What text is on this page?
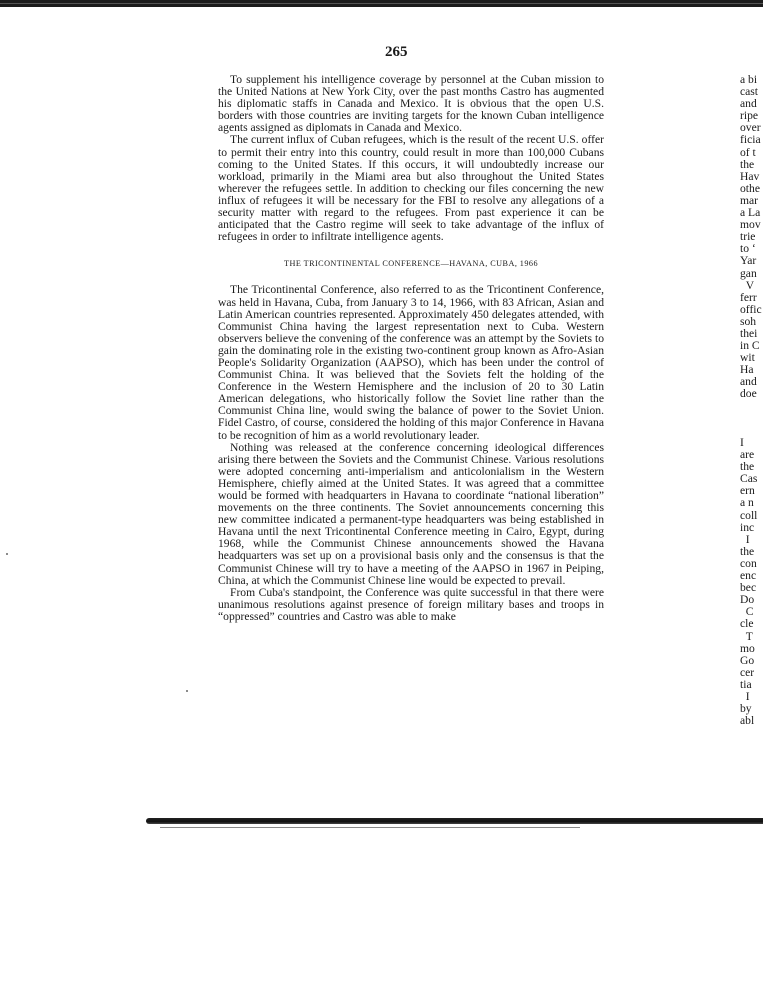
265

To supplement his intelligence coverage by personnel at the Cuban mission to the United Nations at New York City, over the past months Castro has augmented his diplomatic staffs in Canada and Mexico. It is obvious that the open U.S. borders with those countries are inviting targets for the known Cuban intelligence agents assigned as diplomats in Canada and Mexico.

The current influx of Cuban refugees, which is the result of the recent U.S. offer to permit their entry into this country, could result in more than 100,000 Cubans coming to the United States. If this occurs, it will undoubtedly increase our workload, primarily in the Miami area but also throughout the United States wherever the refugees settle. In addition to checking our files concerning the new influx of refugees it will be necessary for the FBI to resolve any allegations of a security matter with regard to the refugees. From past experience it can be anticipated that the Castro regime will seek to take advantage of the influx of refugees in order to infiltrate intelligence agents.

THE TRICONTINENTAL CONFERENCE—HAVANA, CUBA, 1966

The Tricontinental Conference, also referred to as the Tricontinent Conference, was held in Havana, Cuba, from January 3 to 14, 1966, with 83 African, Asian and Latin American countries represented. Approximately 450 delegates attended, with Communist China having the largest representation next to Cuba. Western observers believe the convening of the conference was an attempt by the Soviets to gain the dominating role in the existing two-continent group known as Afro-Asian People's Solidarity Organization (AAPSO), which has been under the control of Communist China. It was believed that the Soviets felt the holding of the Conference in the Western Hemisphere and the inclusion of 20 to 30 Latin American delegations, who historically follow the Soviet line rather than the Communist China line, would swing the balance of power to the Soviet Union. Fidel Castro, of course, considered the holding of this major Conference in Havana to be recognition of him as a world revolutionary leader.

Nothing was released at the conference concerning ideological differences arising there between the Soviets and the Communist Chinese. Various resolutions were adopted concerning anti-imperialism and anticolonialism in the Western Hemisphere, chiefly aimed at the United States. It was agreed that a committee would be formed with headquarters in Havana to coordinate “national liberation” movements on the three continents. The Soviet announcements concerning this new committee indicated a permanent-type headquarters was being established in Havana until the next Tricontinental Conference meeting in Cairo, Egypt, during 1968, while the Communist Chinese announcements showed the Havana headquarters was set up on a provisional basis only and the consensus is that the Communist Chinese will try to have a meeting of the AAPSO in 1967 in Peiping, China, at which the Communist Chinese line would be expected to prevail.

From Cuba's standpoint, the Conference was quite successful in that there were unanimous resolutions against presence of foreign military bases and troops in “oppressed” countries and Castro was able to make

a bi
cast
and
ripe
over
ficia
of t
the
Hav
othe
mar
a La
mov
trie
to ‘
Yar
gan
V
ferr
offic
soh
thei
in C
wit
Ha
and
doe
I
are
the
Cas
ern
a n
coll
inc
I
the
con
enc
bec
Do
C
cle
T
mo
Go
cer
tia
I
by
abl
